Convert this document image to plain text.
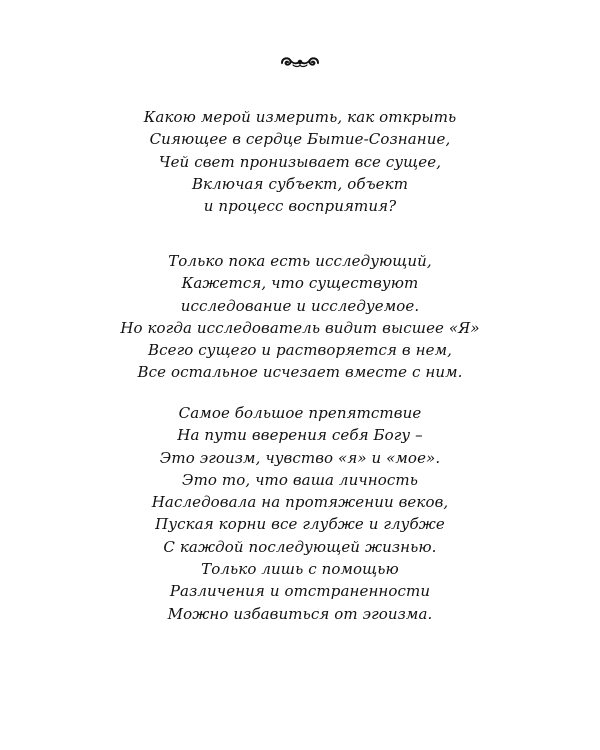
Какою мерой измерить, как открыть
Сияющее в сердце Бытие-Сознание,
Чей свет пронизывает все сущее,
Включая субъект, объект
и процесс восприятия?
Только пока есть исследующий,
Кажется, что существуют
исследование и исследуемое.
Но когда исследователь видит высшее «Я»
Всего сущего и растворяется в нем,
Все остальное исчезает вместе с ним.
Самое большое препятствие
На пути вверения себя Богу –
Это эгоизм, чувство «я» и «мое».
Это то, что ваша личность
Наследовала на протяжении веков,
Пуская корни все глубже и глубже
С каждой последующей жизнью.
Только лишь с помощью
Различения и отстраненности
Можно избавиться от эгоизма.
